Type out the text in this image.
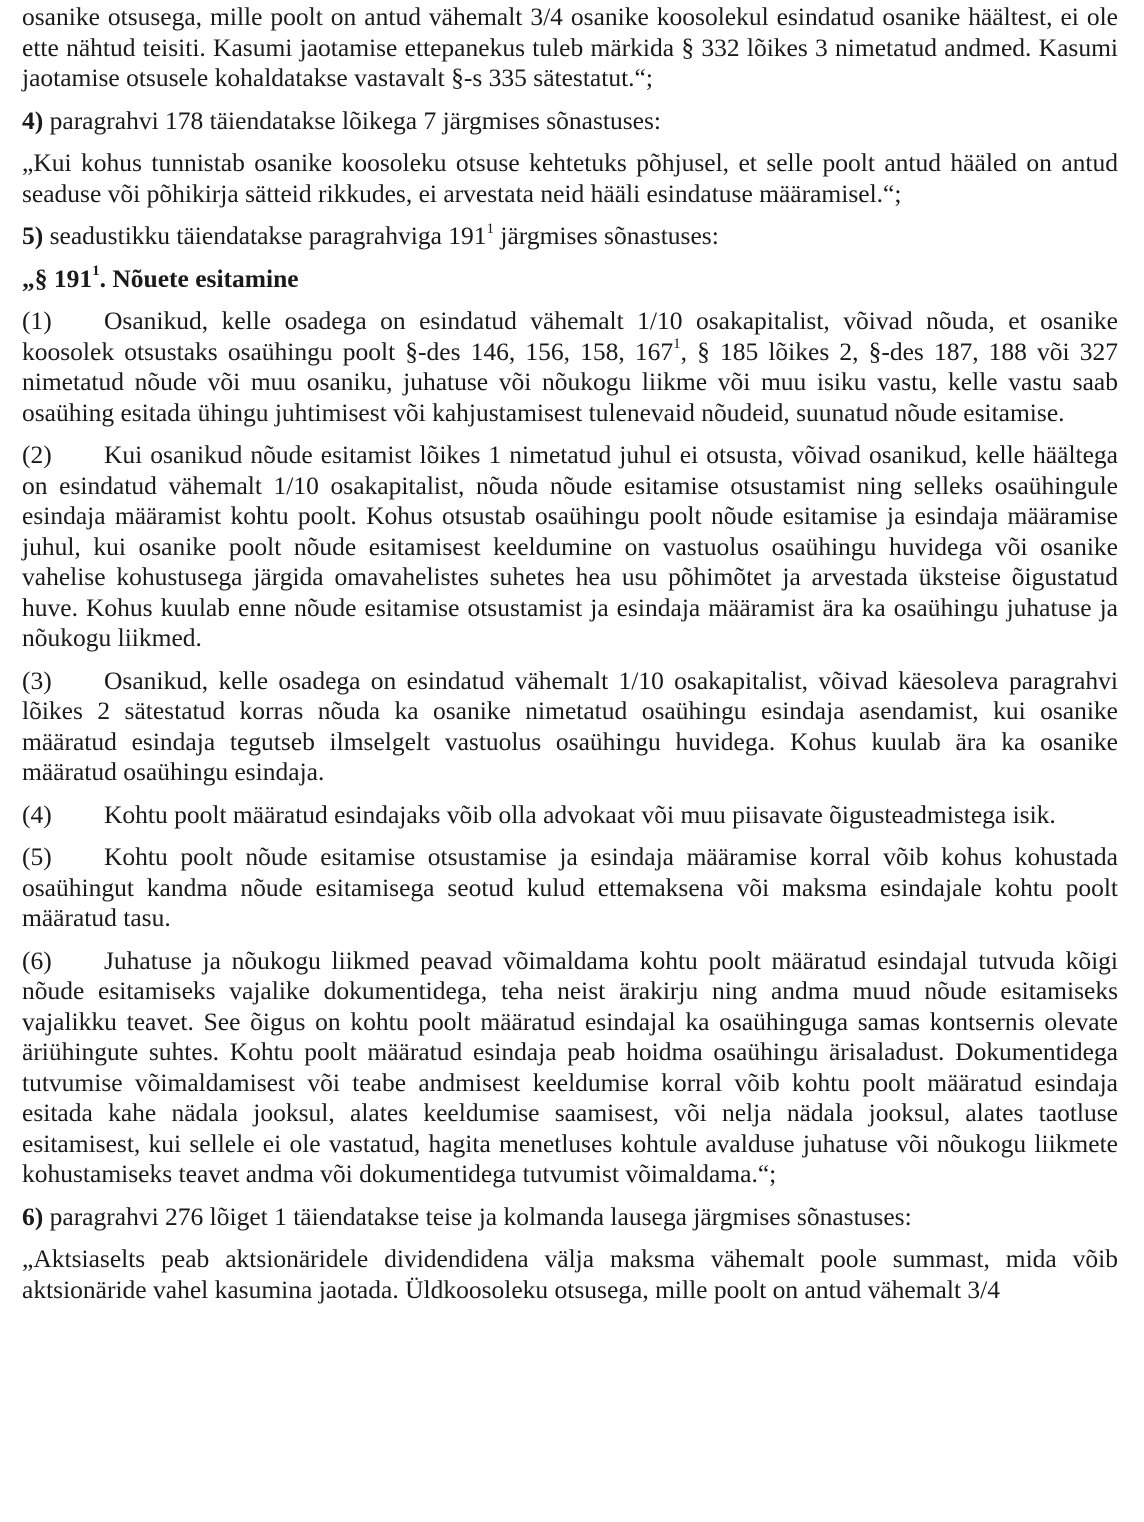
osanike otsusega, mille poolt on antud vähemalt 3/4 osanike koosolekul esindatud osanike häältest, ei ole ette nähtud teisiti. Kasumi jaotamise ettepanekus tuleb märkida § 332 lõikes 3 nimetatud andmed. Kasumi jaotamise otsusele kohaldatakse vastavalt §-s 335 sätestatut.“;

4) paragrahvi 178 täiendatakse lõikega 7 järgmises sõnastuses:

„Kui kohus tunnistab osanike koosoleku otsuse kehtetuks põhjusel, et selle poolt antud hääled on antud seaduse või põhikirja sätteid rikkudes, ei arvestata neid hääli esindatuse määramisel.“;

5) seadustikku täiendatakse paragrahviga $191^1$ järgmises sõnastuses:

„§ $191^1$. Nõuete esitamine

(1) Osanikud, kelle osadega on esindatud vähemalt 1/10 osakapitalist, võivad nõuda, et osanike koosolek otsustaks osaühingu poolt §-des 146, 156, 158, $167^1$, § 185 lõikes 2, §-des 187, 188 või 327 nimetatud nõude või muu osaniku, juhatuse või nõukogu liikme või muu isiku vastu, kelle vastu saab osaühing esitada ühingu juhtimisest või kahjustamisest tulenevaid nõudeid, suunatud nõude esitamise.

(2) Kui osanikud nõude esitamist lõikes 1 nimetatud juhul ei otsusta, võivad osanikud, kelle häältega on esindatud vähemalt 1/10 osakapitalist, nõuda nõude esitamise otsustamist ning selleks osaühingule esindaja määramist kohtu poolt. Kohus otsustab osaühingu poolt nõude esitamise ja esindaja määramise juhul, kui osanike poolt nõude esitamisest keeldumine on vastuolus osaühingu huvidega või osanike vahelise kohustusega järgida omavahelistes suhetes hea usu põhimõtet ja arvestada üksteise õigustatud huve. Kohus kuulab enne nõude esitamise otsustamist ja esindaja määramist ära ka osaühingu juhatuse ja nõukogu liikmed.

(3) Osanikud, kelle osadega on esindatud vähemalt 1/10 osakapitalist, võivad käesoleva paragrahvi lõikes 2 sätestatud korras nõuda ka osanike nimetatud osaühingu esindaja asendamist, kui osanike määratud esindaja tegutseb ilmselgelt vastuolus osaühingu huvidega. Kohus kuulab ära ka osanike määratud osaühingu esindaja.

(4) Kohtu poolt määratud esindajaks võib olla advokaat või muu piisavate õigusteadmistega isik.

(5) Kohtu poolt nõude esitamise otsustamise ja esindaja määramise korral võib kohus kohustada osaühingut kandma nõude esitamisega seotud kulud ettemaksena või maksma esindajale kohtu poolt määratud tasu.

(6) Juhatuse ja nõukogu liikmed peavad võimaldama kohtu poolt määratud esindajal tutvuda kõigi nõude esitamiseks vajalike dokumentidega, teha neist ärakirju ning andma muud nõude esitamiseks vajalikku teavet. See õigus on kohtu poolt määratud esindajal ka osaühinguga samas kontsernis olevate äriühingute suhtes. Kohtu poolt määratud esindaja peab hoidma osaühingu ärisaladust. Dokumentidega tutvumise võimaldamisest või teabe andmisest keeldumise korral võib kohtu poolt määratud esindaja esitada kahe nädala jooksul, alates keeldumise saamisest, või nelja nädala jooksul, alates taotluse esitamisest, kui sellele ei ole vastatud, hagita menetluses kohtule avalduse juhatuse või nõukogu liikmete kohustamiseks teavet andma või dokumentidega tutvumist võimaldama.“;

6) paragrahvi 276 lõiget 1 täiendatakse teise ja kolmanda lausega järgmises sõnastuses:

„Aktsiaselts peab aktsionäridele dividendidena välja maksma vähemalt poole summast, mida võib aktsionäride vahel kasumina jaotada. Üldkoosoleku otsusega, mille poolt on antud vähemalt 3/4
